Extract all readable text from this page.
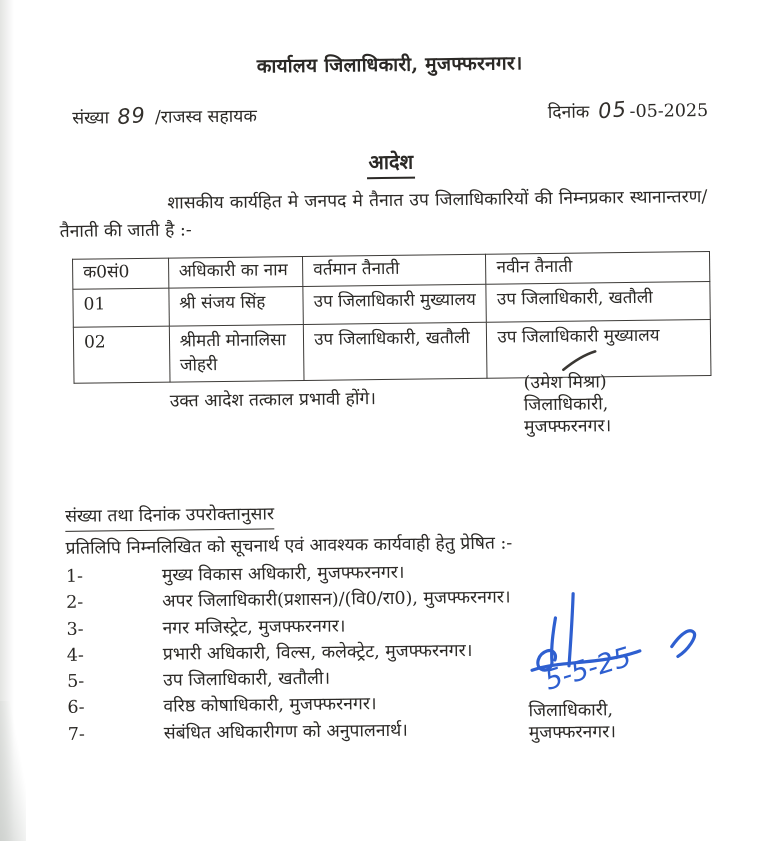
कार्यालय जिलाधिकारी, मुजफ्फरनगर।
संख्या 89 /राजस्व सहायक	दिनांक 05 -05-2025
आदेश

शासकीय कार्यहित मे जनपद मे तैनात उप जिलाधिकारियों की निम्नप्रकार स्थानान्तरण/तैनाती की जाती है :-

क0सं0	अधिकारी का नाम	वर्तमान तैनाती	नवीन तैनाती
01	श्री संजय सिंह	उप जिलाधिकारी मुख्यालय	उप जिलाधिकारी, खतौली
02	श्रीमती मोनालिसा जोहरी	उप जिलाधिकारी, खतौली	उप जिलाधिकारी मुख्यालय

उक्त आदेश तत्काल प्रभावी होंगे।

(उमेश मिश्रा)
जिलाधिकारी,
मुजफ्फरनगर।
संख्या तथा दिनांक उपरोक्तानुसार

प्रतिलिपि निम्नलिखित को सूचनार्थ एवं आवश्यक कार्यवाही हेतु प्रेषित :-

1-	मुख्य विकास अधिकारी, मुजफ्फरनगर।
2-	अपर जिलाधिकारी(प्रशासन)/(वि0/रा0), मुजफ्फरनगर।
3-	नगर मजिस्ट्रेट, मुजफ्फरनगर।
4-	प्रभारी अधिकारी, विल्स, कलेक्ट्रेट, मुजफ्फरनगर।
5-	उप जिलाधिकारी, खतौली।
6-	वरिष्ठ कोषाधिकारी, मुजफ्फरनगर।
7-	संबंधित अधिकारीगण को अनुपालनार्थ।
5-5-25
जिलाधिकारी,
मुजफ्फरनगर।
